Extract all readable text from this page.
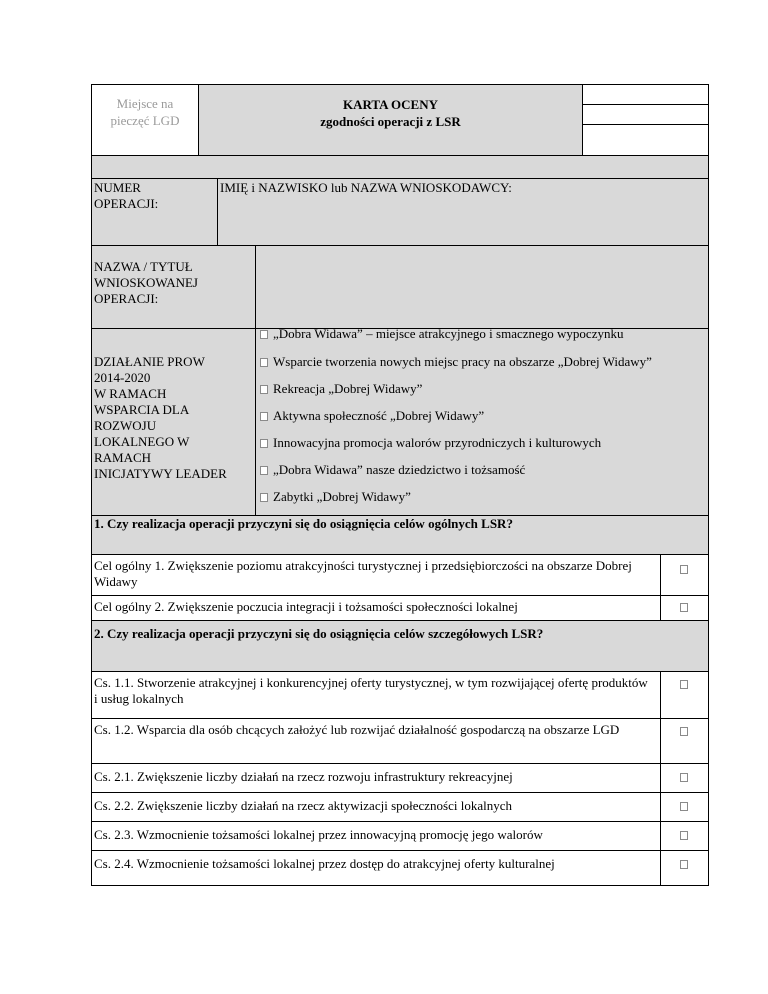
Miejsce na
pieczęć LGD
KARTA OCENY
zgodności operacji z LSR
NUMER
OPERACJI:
IMIĘ i NAZWISKO lub NAZWA WNIOSKODAWCY:
NAZWA / TYTUŁ
WNIOSKOWANEJ
OPERACJI:
DZIAŁANIE PROW
2014-2020
W RAMACH
WSPARCIA DLA
ROZWOJU
LOKALNEGO W
RAMACH
INICJATYWY LEADER
„Dobra Widawa” – miejsce atrakcyjnego i smacznego wypoczynku
Wsparcie tworzenia nowych miejsc pracy na obszarze „Dobrej Widawy”
Rekreacja „Dobrej Widawy”
Aktywna społeczność „Dobrej Widawy”
Innowacyjna promocja walorów przyrodniczych i kulturowych
„Dobra Widawa” nasze dziedzictwo i tożsamość
Zabytki „Dobrej Widawy”
1. Czy realizacja operacji przyczyni się do osiągnięcia celów ogólnych LSR?
Cel ogólny 1. Zwiększenie poziomu atrakcyjności turystycznej i przedsiębiorczości na obszarze Dobrej Widawy
Cel ogólny 2. Zwiększenie poczucia integracji i tożsamości społeczności lokalnej
2. Czy realizacja operacji przyczyni się do osiągnięcia celów szczegółowych LSR?
Cs. 1.1. Stworzenie atrakcyjnej i konkurencyjnej oferty turystycznej, w tym rozwijającej ofertę produktów i usług lokalnych
Cs. 1.2. Wsparcia dla osób chcących założyć lub rozwijać działalność gospodarczą na obszarze LGD
Cs. 2.1. Zwiększenie liczby działań na rzecz rozwoju infrastruktury rekreacyjnej
Cs. 2.2. Zwiększenie liczby działań na rzecz aktywizacji społeczności lokalnych
Cs. 2.3. Wzmocnienie tożsamości lokalnej przez innowacyjną promocję jego walorów
Cs. 2.4. Wzmocnienie tożsamości lokalnej przez dostęp do atrakcyjnej oferty kulturalnej
